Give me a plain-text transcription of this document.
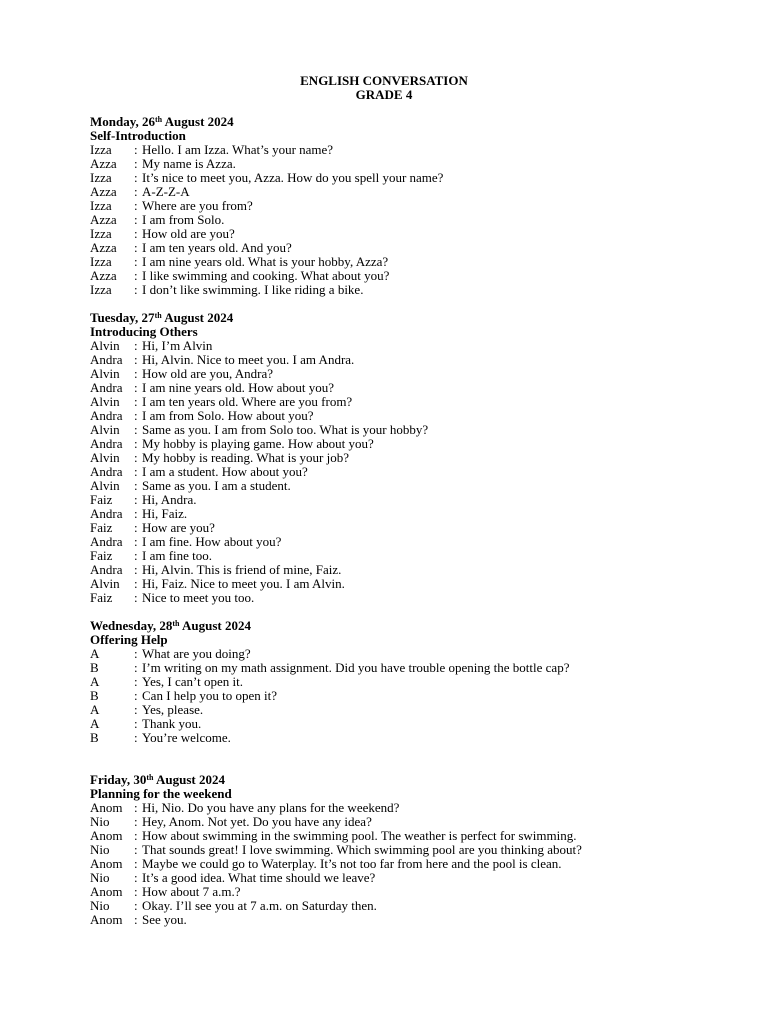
ENGLISH CONVERSATION
GRADE 4
Monday, 26th August 2024
Self-Introduction
Izza	: Hello. I am Izza. What’s your name?
Azza	: My name is Azza.
Izza	: It’s nice to meet you, Azza. How do you spell your name?
Azza	: A-Z-Z-A
Izza	: Where are you from?
Azza	: I am from Solo.
Izza	: How old are you?
Azza	: I am ten years old. And you?
Izza	: I am nine years old. What is your hobby, Azza?
Azza	: I like swimming and cooking. What about you?
Izza	: I don’t like swimming. I like riding a bike.
Tuesday, 27th August 2024
Introducing Others
Alvin	: Hi, I’m Alvin
Andra : Hi, Alvin. Nice to meet you. I am Andra.
Alvin	: How old are you, Andra?
Andra : I am nine years old. How about you?
Alvin	: I am ten years old. Where are you from?
Andra : I am from Solo. How about you?
Alvin	: Same as you. I am from Solo too. What is your hobby?
Andra : My hobby is playing game. How about you?
Alvin	: My hobby is reading. What is your job?
Andra : I am a student. How about you?
Alvin	: Same as you. I am a student.
Faiz	: Hi, Andra.
Andra : Hi, Faiz.
Faiz	: How are you?
Andra : I am fine. How about you?
Faiz	: I am fine too.
Andra : Hi, Alvin. This is friend of mine, Faiz.
Alvin	: Hi, Faiz. Nice to meet you. I am Alvin.
Faiz	: Nice to meet you too.
Wednesday, 28th August 2024
Offering Help
A	: What are you doing?
B	: I’m writing on my math assignment. Did you have trouble opening the bottle cap?
A	: Yes, I can’t open it.
B	: Can I help you to open it?
A	: Yes, please.
A	: Thank you.
B	: You’re welcome.
Friday, 30th August 2024
Planning for the weekend
Anom : Hi, Nio. Do you have any plans for the weekend?
Nio	: Hey, Anom. Not yet. Do you have any idea?
Anom : How about swimming in the swimming pool. The weather is perfect for swimming.
Nio	: That sounds great! I love swimming. Which swimming pool are you thinking about?
Anom : Maybe we could go to Waterplay. It’s not too far from here and the pool is clean.
Nio	: It’s a good idea. What time should we leave?
Anom : How about 7 a.m.?
Nio	: Okay. I’ll see you at 7 a.m. on Saturday then.
Anom : See you.
